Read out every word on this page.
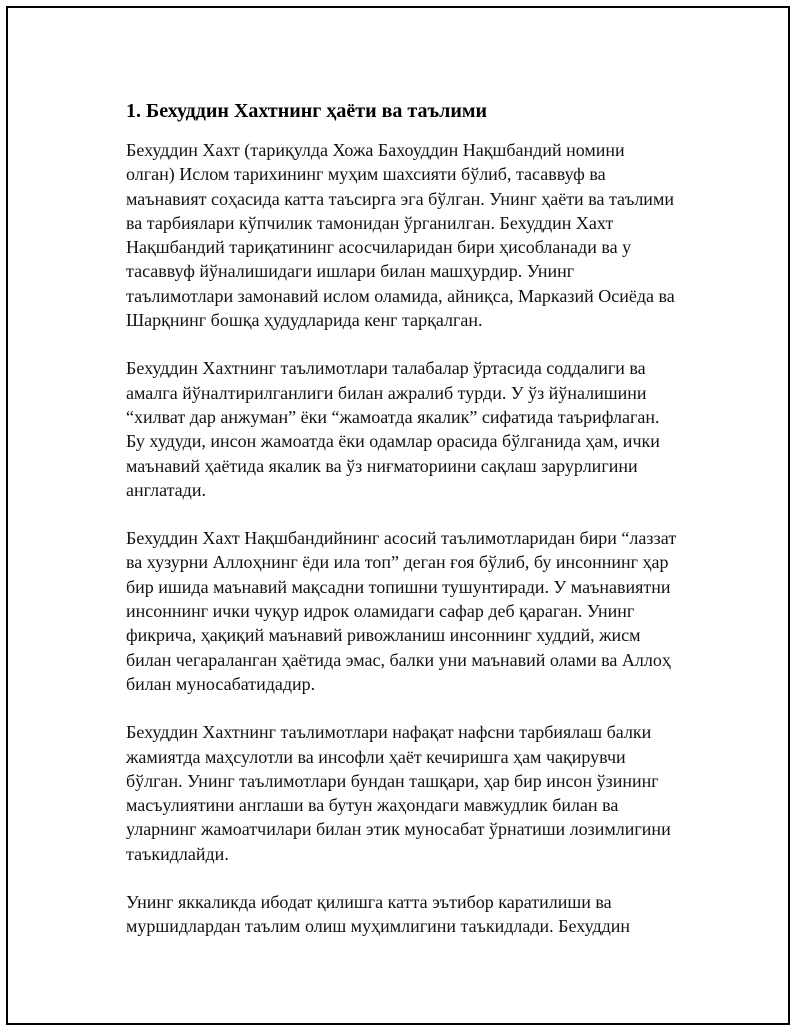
1. Бехуддин Хахтнинг ҳаёти ва таълими

Бехуддин Хахт (тариқулда Хожа Бахоуддин Нақшбандий номини
олган) Ислом тарихининг муҳим шахсияти бўлиб, тасаввуф ва
маънавият соҳасида катта таъсирга эга бўлган. Унинг ҳаёти ва таълими
ва тарбиялари кўпчилик тамонидан ўрганилган. Бехуддин Хахт
Нақшбандий тариқатининг асосчиларидан бири ҳисобланади ва у
тасаввуф йўналишидаги ишлари билан машҳурдир. Унинг
таълимотлари замонавий ислом оламида, айниқса, Марказий Осиёда ва
Шарқнинг бошқа ҳудудларида кенг тарқалган.

Бехуддин Хахтнинг таълимотлари талабалар ўртасида соддалиги ва
амалга йўналтирилганлиги билан ажралиб турди. У ўз йўналишини
“хилват дар анжуман” ёки “жамоатда якалик” сифатида таърифлаган.
Бу худуди, инсон жамоатда ёки одамлар орасида бўлганида ҳам, ички
маънавий ҳаётида якалик ва ўз ниғматориини сақлаш зарурлигини
англатади.

Бехуддин Хахт Нақшбандийнинг асосий таълимотларидан бири “лаззат
ва хузурни Аллоҳнинг ёди ила топ” деган ғоя бўлиб, бу инсоннинг ҳар
бир ишида маънавий мақсадни топишни тушунтиради. У маънавиятни
инсоннинг ички чуқур идрок оламидаги сафар деб қараган. Унинг
фикрича, ҳақиқий маънавий ривожланиш инсоннинг худдий, жисм
билан чегараланган ҳаётида эмас, балки уни маънавий олами ва Аллоҳ
билан муносабатидадир.

Бехуддин Хахтнинг таълимотлари нафақат нафсни тарбиялаш балки
жамиятда маҳсулотли ва инсофли ҳаёт кечиришга ҳам чақирувчи
бўлган. Унинг таълимотлари бундан ташқари, ҳар бир инсон ўзининг
масъулиятини англаши ва бутун жаҳондаги мавжудлик билан ва
уларнинг жамоатчилари билан этик муносабат ўрнатиши лозимлигини
таъкидлайди.

Унинг яккаликда ибодат қилишга катта эътибор каратилиши ва
муршидлардан таълим олиш муҳимлигини таъкидлади. Бехуддин
